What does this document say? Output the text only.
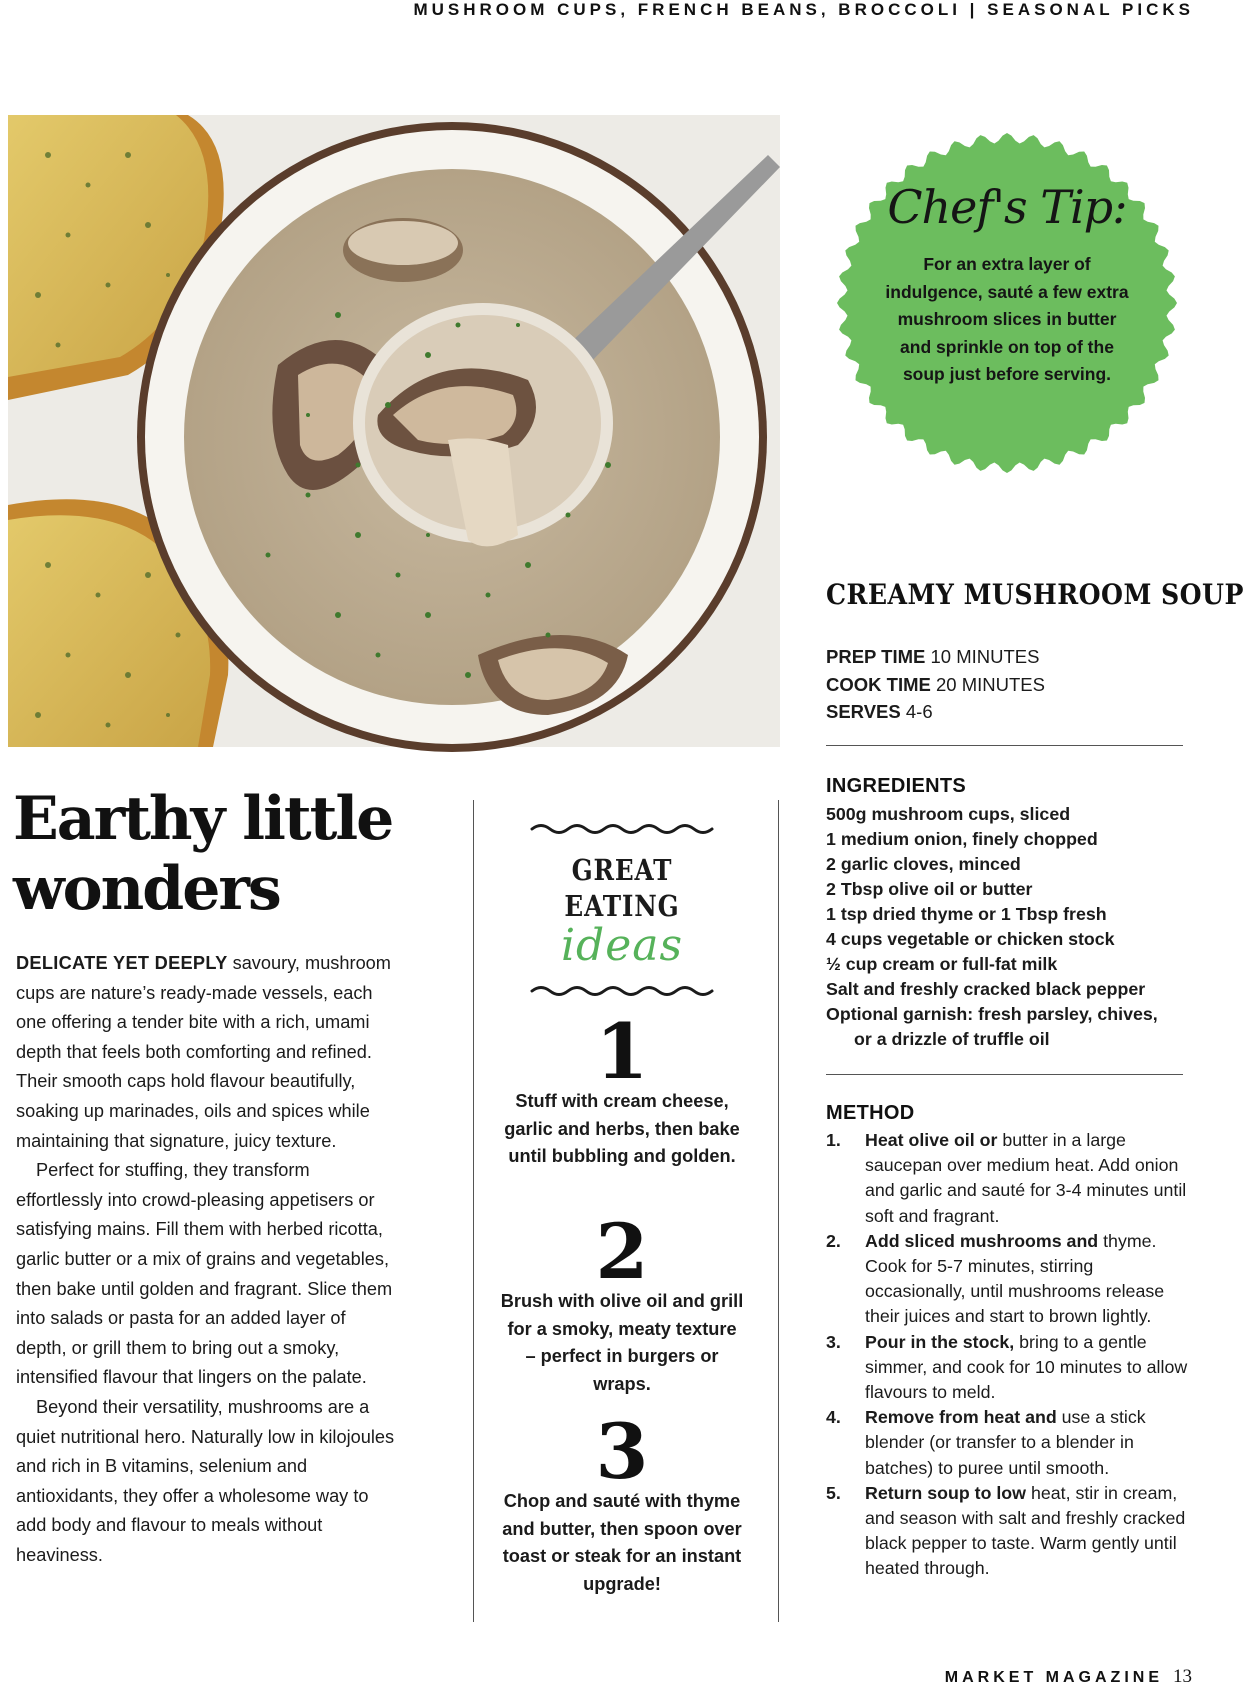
MUSHROOM CUPS, FRENCH BEANS, BROCCOLI | SEASONAL PICKS
Chef's Tip:
For an extra layer of indulgence, sauté a few extra mushroom slices in butter and sprinkle on top of the soup just before serving.
CREAMY MUSHROOM SOUP
PREP TIME 10 MINUTES
COOK TIME 20 MINUTES
SERVES 4-6
INGREDIENTS
500g mushroom cups, sliced
1 medium onion, finely chopped
2 garlic cloves, minced
2 Tbsp olive oil or butter
1 tsp dried thyme or 1 Tbsp fresh
4 cups vegetable or chicken stock
½ cup cream or full-fat milk
Salt and freshly cracked black pepper
Optional garnish: fresh parsley, chives,
or a drizzle of truffle oil
METHOD
1. Heat olive oil or butter in a large saucepan over medium heat. Add onion and garlic and sauté for 3-4 minutes until soft and fragrant.
2. Add sliced mushrooms and thyme. Cook for 5-7 minutes, stirring occasionally, until mushrooms release their juices and start to brown lightly.
3. Pour in the stock, bring to a gentle simmer, and cook for 10 minutes to allow flavours to meld.
4. Remove from heat and use a stick blender (or transfer to a blender in batches) to puree until smooth.
5. Return soup to low heat, stir in cream, and season with salt and freshly cracked black pepper to taste. Warm gently until heated through.
Earthy little
wonders

DELICATE YET DEEPLY savoury, mushroom cups are nature’s ready-made vessels, each one offering a tender bite with a rich, umami depth that feels both comforting and refined. Their smooth caps hold flavour beautifully, soaking up marinades, oils and spices while maintaining that signature, juicy texture.

Perfect for stuffing, they transform effortlessly into crowd-pleasing appetisers or satisfying mains. Fill them with herbed ricotta, garlic butter or a mix of grains and vegetables, then bake until golden and fragrant. Slice them into salads or pasta for an added layer of depth, or grill them to bring out a smoky, intensified flavour that lingers on the palate.

Beyond their versatility, mushrooms are a quiet nutritional hero. Naturally low in kilojoules and rich in B vitamins, selenium and antioxidants, they offer a wholesome way to add body and flavour to meals without heaviness.

GREAT
EATING
ideas
1
Stuff with cream cheese, garlic and herbs, then bake until bubbling and golden.
2
Brush with olive oil and grill for a smoky, meaty texture – perfect in burgers or wraps.
3
Chop and sauté with thyme and butter, then spoon over toast or steak for an instant upgrade!
MARKET MAGAZINE 13
